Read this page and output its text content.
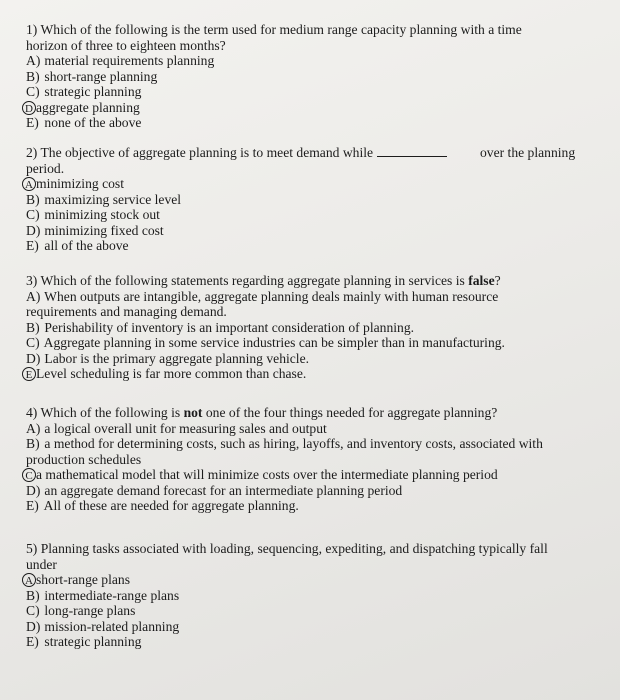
1) Which of the following is the term used for medium range capacity planning with a time
horizon of three to eighteen months?

A) material requirements planning
B) short-range planning
C) strategic planning
D aggregate planning
E) none of the above

2) The objective of aggregate planning is to meet demand while	over the planning

period.

A minimizing cost
B) maximizing service level
C) minimizing stock out
D) minimizing fixed cost
E) all of the above

3) Which of the following statements regarding aggregate planning in services is false?

A) When outputs are intangible, aggregate planning deals mainly with human resource
requirements and managing demand.
B) Perishability of inventory is an important consideration of planning.
C) Aggregate planning in some service industries can be simpler than in manufacturing.
D) Labor is the primary aggregate planning vehicle.
E Level scheduling is far more common than chase.

4) Which of the following is not one of the four things needed for aggregate planning?

A) a logical overall unit for measuring sales and output
B) a method for determining costs, such as hiring, layoffs, and inventory costs, associated with
production schedules
C a mathematical model that will minimize costs over the intermediate planning period
D) an aggregate demand forecast for an intermediate planning period
E) All of these are needed for aggregate planning.

5) Planning tasks associated with loading, sequencing, expediting, and dispatching typically fall
under

A short-range plans
B) intermediate-range plans
C) long-range plans
D) mission-related planning
E) strategic planning
